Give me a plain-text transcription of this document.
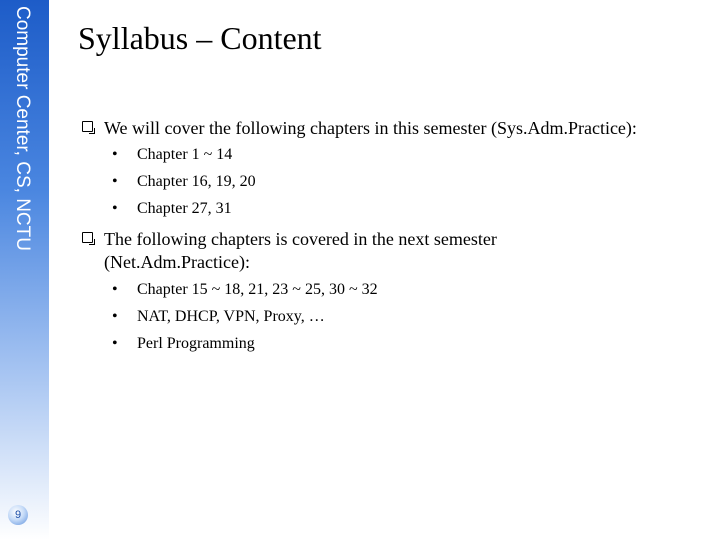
Computer Center, CS, NCTU
9
Syllabus – Content
We will cover the following chapters in this semester (Sys.Adm.Practice):
• Chapter 1 ~ 14
• Chapter 16, 19, 20
• Chapter 27, 31
The following chapters is covered in the next semester (Net.Adm.Practice):
• Chapter 15 ~ 18, 21, 23 ~ 25, 30 ~ 32
• NAT, DHCP, VPN, Proxy, …
• Perl Programming
